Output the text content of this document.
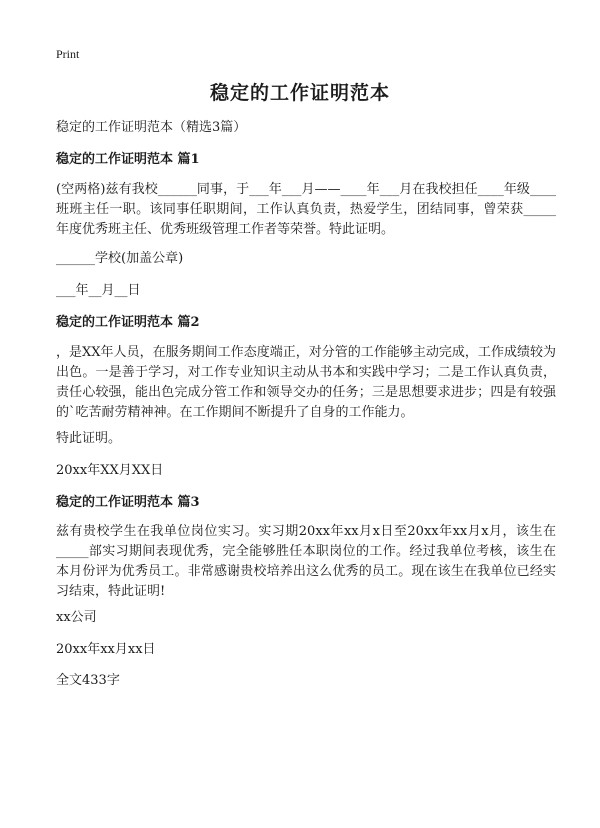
Print
稳定的工作证明范本
稳定的工作证明范本（精选3篇）
稳定的工作证明范本 篇1
(空两格)兹有我校______同事，于___年___月——____年___月在我校担任____年级____班班主任一职。该同事任职期间，工作认真负责，热爱学生，团结同事，曾荣获_____年度优秀班主任、优秀班级管理工作者等荣誉。特此证明。
______学校(加盖公章)
___年__月__日
稳定的工作证明范本 篇2
，是XX年人员，在服务期间工作态度端正，对分管的工作能够主动完成，工作成绩较为出色。一是善于学习，对工作专业知识主动从书本和实践中学习；二是工作认真负责，责任心较强，能出色完成分管工作和领导交办的任务；三是思想要求进步；四是有较强的`吃苦耐劳精神神。在工作期间不断提升了自身的工作能力。
特此证明。
20xx年XX月XX日
稳定的工作证明范本 篇3
兹有贵校学生在我单位岗位实习。实习期20xx年xx月x日至20xx年xx月x月，该生在_____部实习期间表现优秀，完全能够胜任本职岗位的工作。经过我单位考核，该生在本月份评为优秀员工。非常感谢贵校培养出这么优秀的员工。现在该生在我单位已经实习结束，特此证明!
xx公司
20xx年xx月xx日
全文433字
